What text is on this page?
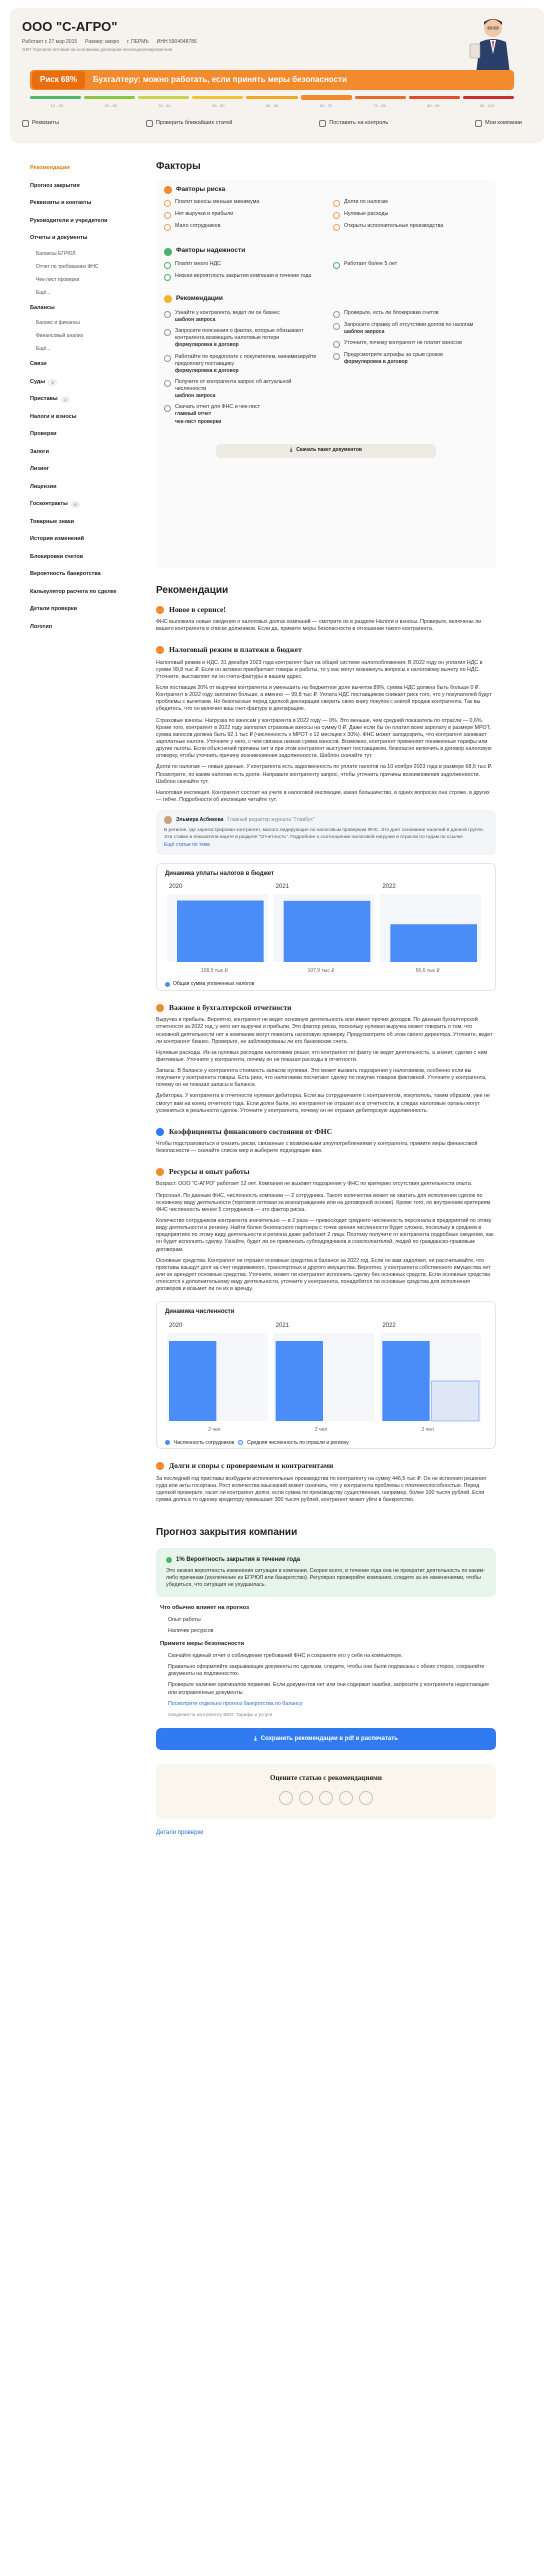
ООО "С-АГРО"
Работает с 27 мар 2015 Размер: микро г. ПЕРМЬ ИНН 5904048786
ОКП Торговля оптовая на основании договоров неспециализированная
Риск 68%	Бухгалтеру: можно работать, если принять меры безопасности
10 - 20	20 - 30	30 - 40	40 - 50	50 - 60	60 - 70	70 - 80	80 - 90	90 - 100
Реквизиты	Проверить ближайших статей	Поставить на контроль	Мои компании
Рекомендации
Прогноз закрытия
Реквизиты и контакты
Руководители и учредители
Отчеты и документы
Балансы ЕГРЮЛ
Отчет по требованию ФНС
Чек-лист проверки
Ещё...
Балансы
Баланс и финансы
Финансовый анализ
Ещё...
Связи
Суды	2
Приставы	1
Налоги и взносы
Проверки
Залоги
Лизинг
Лицензии
Госконтракты	0
Товарные знаки
История изменений
Блокировки счетов
Вероятность банкротства
Калькулятор расчета по сделке
Детали проверки
Логотип
Факторы
Факторы риска
Платит взносы меньше минимума
Нет выручки и прибыли
Мало сотрудников
Долги по налогам
Нулевые расходы
Открыты исполнительные производства
Факторы надежности
Платит много НДС
Низкая вероятность закрытия компании в течение года
Работает более 5 лет
Рекомендации
Узнайте у контрагента, ведет ли он бизнес
шаблон запроса
Запросите пояснения о фактах, которые обязывают контрагента возмещать налоговые потери
формулировка в договор
Работайте по предоплате с покупателем, минимизируйте предоплату поставщику
формулировка в договор
Получите от контрагента запрос об актуальной численности
шаблон запроса
Скачать отчет для ФНС и чек-лист
главный отчет
чек-лист проверки
Проверьте, есть ли блокировки счетов
Запросите справку об отсутствии долгов по налогам
шаблон запроса
Уточните, почему контрагент не платит взносов
Предусмотрите штрафы за срыв сроков
формулировка в договор
⤓ Скачать пакет документов
Рекомендации
Новое в сервисе!
ФНС выложила новые сведения о налоговых долгах компаний — смотрите их в разделе Налоги и взносы. Проверьте, включены ли вашего контрагента в списке должников. Если да, примите меры безопасности в отношении такого контрагента.
Налоговый режим и платежи в бюджет
Налоговый режим и НДС. 31 декабря 2023 года контрагент был на общей системе налогообложения. В 2022 году он уплатил НДС в сумме 99,8 тыс ₽. Если он активно приобретает товары и работы, то у вас могут возникнуть вопросы к налоговому вычету по НДС. Уточните, выставляет ли он счета-фактуры в вашем адрес.
Если поставщик 20% от выручки контрагента и уменьшить на бюджетное доле вычетов 89%, сумма НДС должна быть больше 0 ₽. Контрагент в 2022 году заплатил больше, а именно — 99,8 тыс ₽. Уплата НДС поставщиком снижает риск того, что у покупателей будут проблемы с вычетами. Но безопасные перед сделкой декларации сверить свою книгу покупок с книгой продаж контрагента. Так вы убедитесь, что он включил ваш счет-фактуру в декларацию.
Страховые взносы. Нагрузка по взносам у контрагента в 2022 году — 0%. Это меньше, чем средний показатель по отрасли — 0,6%. Кроме того, контрагент в 2022 году заплатил страховые взносы на сумму 0 ₽. Даже если бы он платил всем зарплату в размере МРОТ, сумма взносов должна быть 92,1 тыс ₽ (численность x МРОТ x 12 месяцев x 30%). ФНС может заподозрить, что контрагент занижает зарплатные налоги. Уточните у него, с чем связана низкая сумма взносов. Возможно, контрагент применяет пониженные тарифы или другие льготы. Если объяснений причины нет и при этом контрагент выступает поставщиком, безопасно включить в договор налоговую оговорку, чтобы уточнить причину возникновения задолженности. Шаблон скачайте тут.
Долги по налогам — новые данные. У контрагента есть задолженность по уплате налогов на 10 ноября 2023 года в размере 68,6 тыс ₽. Посмотрите, по каким налогам есть долги. Направьте контрагенту запрос, чтобы уточнить причины возникновения задолженности. Шаблон скачайте тут.
Налоговая инспекция. Контрагент состоит на учете в налоговой инспекции, какая большинство, в одних вопросах она строже, в других — гибче. Подробности об инспекции читайте тут.
Эльмира Асбикова Главный редактор журнала "Главбух"
В регионе, где зарегистрирован контрагент, малого лидирующие по налоговым проверкам ФНС. Это дает основание наличий в данной группе. Эти ставки и показатели ищите в разделе "Отчетность". Подробнее о соотношении налоговой нагрузки в отрасли по годам по ссылке
Ещё статьи по теме
Динамика уплаты налогов в бюджет
2020
108,5 тыс ₽
2021
107,9 тыс ₽
2022
66,6 тыс ₽
Общая сумма уплаченных налогов
Важное в бухгалтерской отчетности
Выручка и прибыль. Вероятно, контрагент не ведет основную деятельность или имеет прочих доходов. По данным бухгалтерской отчетности за 2022 год, у него нет выручки и прибыли. Это фактор риска, поскольку нулевая выручка может говорить о том, что основной деятельности нет и компанию могут повесить налоговую проверку. Предусмотрите об этом своего директора. Уточните, ведет ли контрагент бизнес. Проверьте, не заблокированы ли его банковские счета.
Нулевые расходы. Из-за нулевых расходов налоговики решат, что контрагент по факту не ведет деятельность, а значит, сделки с ним фиктивные. Уточните у контрагента, почему он не показал расходы в отчетности.
Запасы. В балансе у контрагента стоимость запасов нулевая. Это может вызвать подозрения у налоговиков, особенно если вы покупаете у контрагента товары. Есть риск, что налоговики посчитают сделку по покупке товаров фиктивной. Уточните у контрагента, почему он не показал запасы в балансе.
Дебиторка. У контрагента в отчетности нулевая дебиторка. Если вы сотрудничаете с контрагентом, покупатель, таким образом, уже не смогут вам на конец отчетного года. Если долги были, но контрагент не отразил их в отчетности, в следах налоговые органы могут усомниться в реальности сделок. Уточните у контрагента, почему он не отразил дебиторскую задолженность.
Коэффициенты финансового состояния от ФНС
Чтобы подстраховаться и снизить риски, связанные с возможными злоупотреблениями у контрагента, примите меры финансовой безопасности — скачайте список мер и выберите подходящие вам.
Ресурсы и опыт работы
Возраст. ООО "С-АГРО" работает 12 лет. Компания не вызовет подозрения у ФНС по критерию отсутствия деятельности опыта.
Персонал. По данным ФНС, численность компании — 2 сотрудника. Такого количества может не хватать для исполнения сделок по основному виду деятельности (торговля оптовая за вознаграждение или на договорной основе). Кроме того, по внутренним критериям ФНС численность менее 5 сотрудников — это фактор риска.
Количество сотрудников контрагента значительно — в 2 раза — превосходит среднего численность персонала в предприятий по этому виду деятельности и региону. Найти более безопасного партнера с точки зрения численности будет сложно, поскольку в среднем в предприятиях по этому виду деятельности и региона даже работают 2 лица. Поэтому получите от контрагента подробные сведения, как он будет исполнять сделку. Узнайте, будет ли он привлекать субподрядчиков и соисполнителей, людей по гражданско-правовым договорам.
Основные средства. Контрагент не отразил основные средства в балансе за 2022 год. Если он вам задолжит, не рассчитывайте, что приставы взыщут долг за счет недвижимого, транспортных и другого имущества. Вероятно, у контрагента собственного имущества нет или он арендует основные средства. Уточните, может ли контрагент исполнить сделку без основных средств. Если основные средства относятся к дополнительному виду деятельности, уточните у контрагента, понадобятся ли основные средства для исполнения договоров и возьмет ли он их в аренду.
Динамика численности
2020
2 чел
2021
2 чел
2022
2 чел
Численность сотрудников	Средняя численность по отрасли и региону
Долги и споры с проверяемым и контрагентами
За последний год приставы возбудили исполнительные производства по контрагенту на сумму 446,5 тыс ₽. Он не исполнил решения суда или акты госоргана. Рост количества взысканий может означать, что у контрагента проблемы с платежеспособностью. Перед сделкой проверьте, гасит ли контрагент долги, если сумма по производству существенная, например, более 100 тысяч рублей. Если сумма долга в то одному кредитору превышает 300 тысяч рублей, контрагент может уйти в банкротство.
Прогноз закрытия компании
1% Вероятность закрытия в течение года
Это низкая вероятность изменения ситуации в компании. Скорее всего, в течение года она не прекратит деятельность по каким-либо причинам (исключение из ЕГРЮЛ или банкротство). Регулярно проверяйте компанию, следите за ее изменениями, чтобы убедиться, что ситуация не ухудшилась.
Что обычно влияет на прогноз
Опыт работы
Наличие ресурсов
Примите меры безопасности
Скачайте единый отчет о соблюдении требований ФНС и сохраните его у себя на компьютере.
Правильно оформляйте закрывающие документы по сделкам, следите, чтобы они были подписаны с обеих сторон, сохраняйте документы на подлинностях.
Проверьте наличие оригиналов первички. Если документов нет или они содержат ошибки, запросите у контрагента недостающие или исправленные документы.
Посмотрите отдельно прогноз банкротства по балансу
Сведения по контрагенту БФО: Тарифы и услуги
⤓ Сохранить рекомендации в pdf и распечатать
Оцените статью с рекомендациями
Детали проверки
